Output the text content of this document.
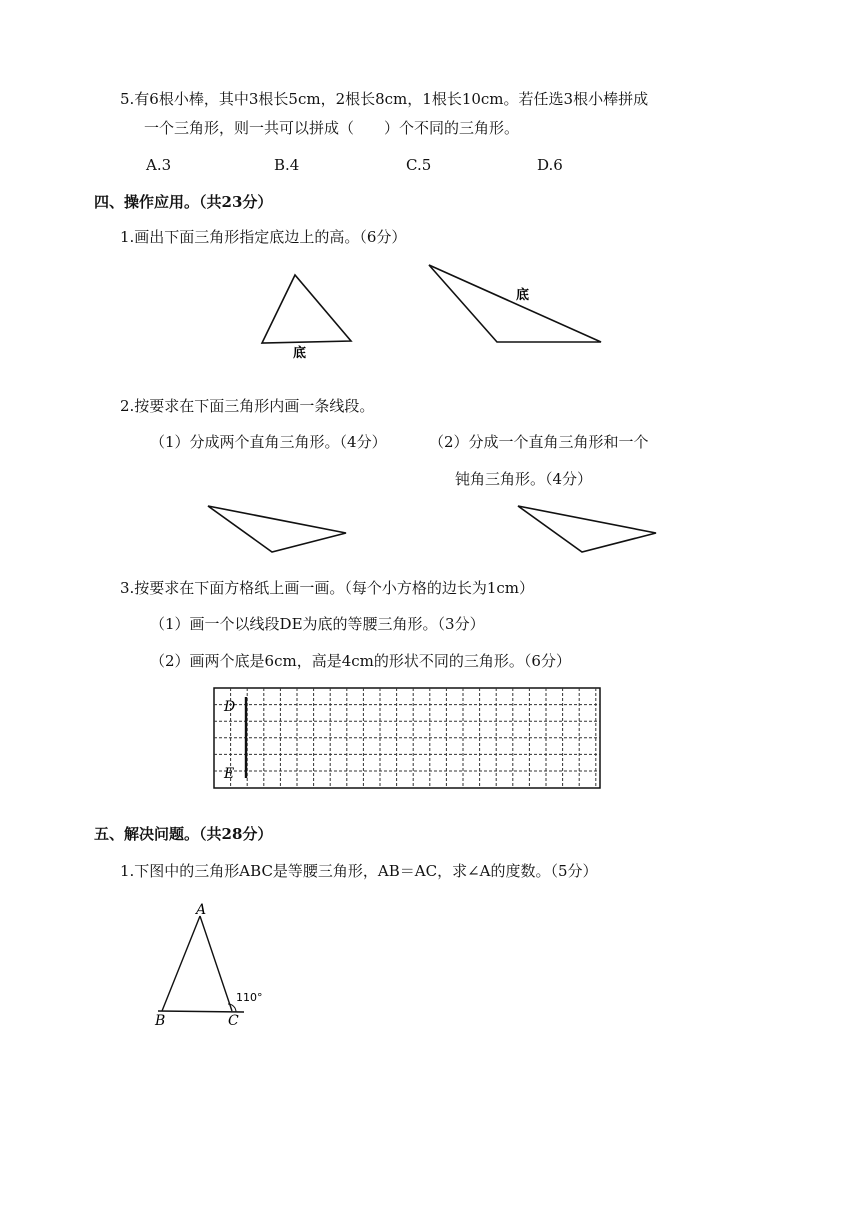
5.有6根小棒，其中3根长5cm，2根长8cm，1根长10cm。若任选3根小棒拼成
一个三角形，则一共可以拼成（　　）个不同的三角形。
A.3	B.4	C.5	D.6
四、操作应用。（共23分）
1.画出下面三角形指定底边上的高。（6分）
底
底
D
E
A
B	C
110°
2.按要求在下面三角形内画一条线段。
（1）分成两个直角三角形。（4分）	（2）分成一个直角三角形和一个
钝角三角形。（4分）
3.按要求在下面方格纸上画一画。（每个小方格的边长为1cm）
（1）画一个以线段DE为底的等腰三角形。（3分）
（2）画两个底是6cm，高是4cm的形状不同的三角形。（6分）
五、解决问题。（共28分）
1.下图中的三角形ABC是等腰三角形，AB＝AC，求∠A的度数。（5分）
